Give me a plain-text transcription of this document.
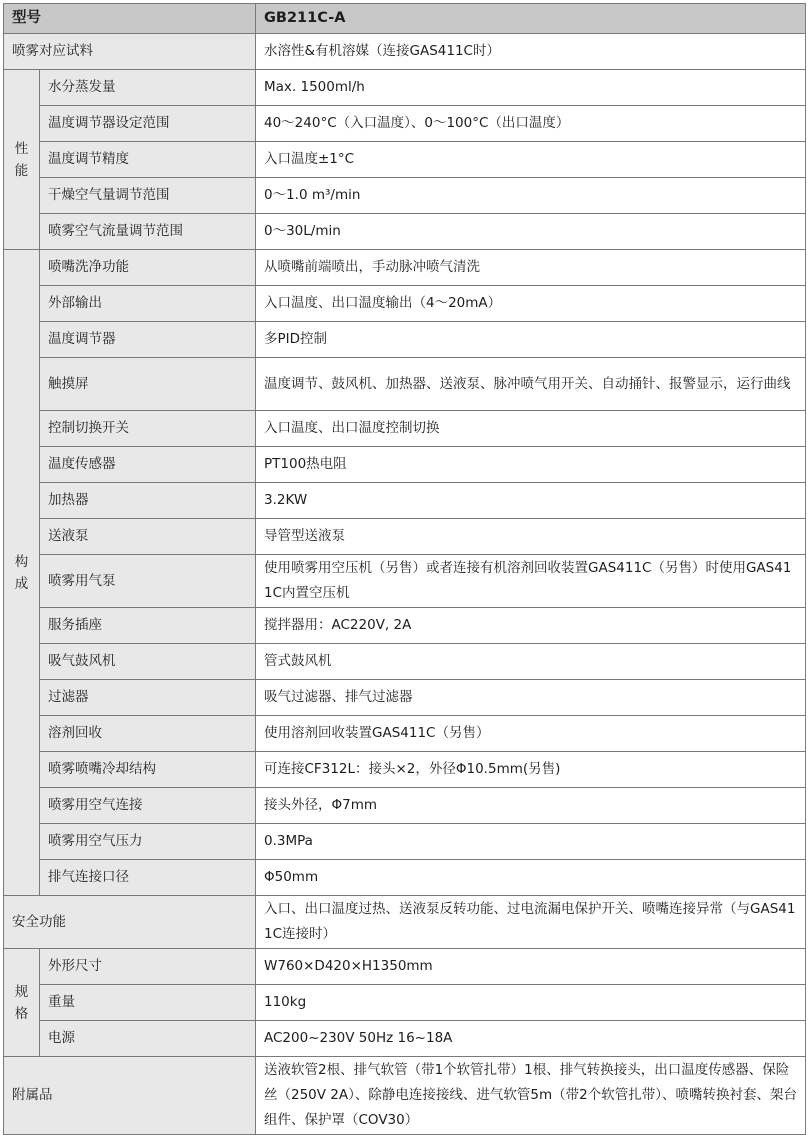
型号		GB211C-A
喷雾对应试料		水溶性&有机溶媒（连接GAS411C时）

性
能	水分蒸发量	Max. 1500ml/h
	温度调节器设定范围	40～240°C（入口温度）、0～100°C（出口温度）
	温度调节精度	入口温度±1°C
	干燥空气量调节范围	0～1.0 m³/min
	喷雾空气流量调节范围	0～30L/min

构
成	喷嘴洗净功能	从喷嘴前端喷出，手动脉冲喷气清洗
	外部输出	入口温度、出口温度输出（4～20mA）
	温度调节器	多PID控制
	触摸屏	温度调节、鼓风机、加热器、送液泵、脉冲喷气用开关、自动捅针、报警显示，运行曲线
	控制切换开关	入口温度、出口温度控制切换
	温度传感器	PT100热电阻
	加热器	3.2KW
	送液泵	导管型送液泵
	喷雾用气泵	使用喷雾用空压机（另售）或者连接有机溶剂回收装置GAS411C（另售）时使用GAS411C内置空压机
	服务插座	搅拌器用：AC220V, 2A
	吸气鼓风机	管式鼓风机
	过滤器	吸气过滤器、排气过滤器
	溶剂回收	使用溶剂回收装置GAS411C（另售）
	喷雾喷嘴冷却结构	可连接CF312L：接头×2，外径Φ10.5mm(另售)
	喷雾用空气连接	接头外径，Φ7mm
	喷雾用空气压力	0.3MPa
	排气连接口径	Φ50mm
安全功能		入口、出口温度过热、送液泵反转功能、过电流漏电保护开关、喷嘴连接异常（与GAS411C连接时）

规
格	外形尺寸	W760×D420×H1350mm
	重量	110kg
	电源	AC200~230V 50Hz 16~18A
附属品		送液软管2根、排气软管（带1个软管扎带）1根、排气转换接头，出口温度传感器、保险丝（250V 2A）、除静电连接接线、进气软管5m（带2个软管扎带）、喷嘴转换衬套、架台组件、保护罩（COV30）
